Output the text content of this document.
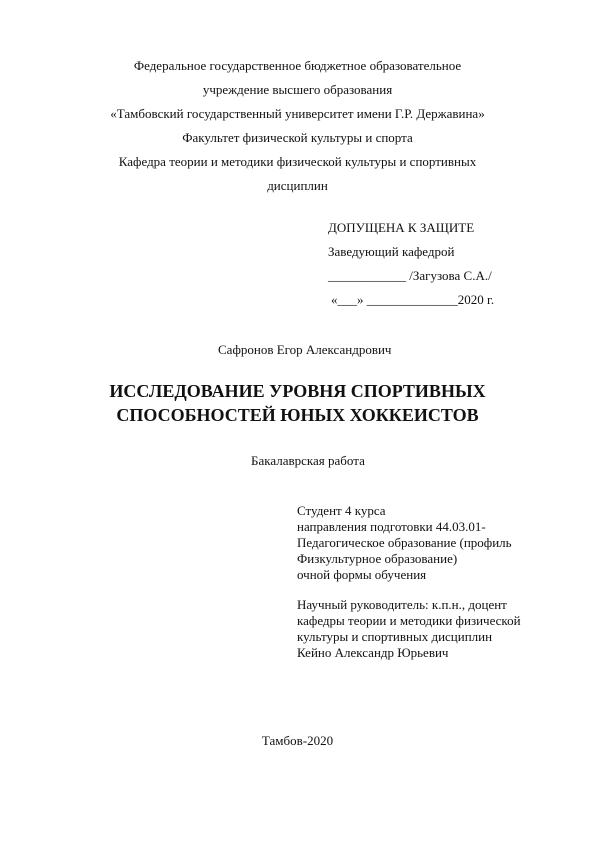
Федеральное государственное бюджетное образовательное
учреждение высшего образования
«Тамбовский государственный университет имени Г.Р. Державина»
Факультет физической культуры и спорта
Кафедра теории и методики физической культуры и спортивных
дисциплин
ДОПУЩЕНА К ЗАЩИТЕ
Заведующий кафедрой
____________ /Загузова С.А./
«___» ______________2020 г.
Сафронов Егор Александрович
ИССЛЕДОВАНИЕ УРОВНЯ СПОРТИВНЫХ
СПОСОБНОСТЕЙ ЮНЫХ ХОККЕИСТОВ
Бакалаврская работа
Студент 4 курса
направления подготовки 44.03.01-
Педагогическое образование (профиль
Физкультурное образование)
очной формы обучения
Научный руководитель: к.п.н., доцент
кафедры теории и методики физической
культуры и спортивных дисциплин
Кейно Александр Юрьевич
Тамбов-2020
